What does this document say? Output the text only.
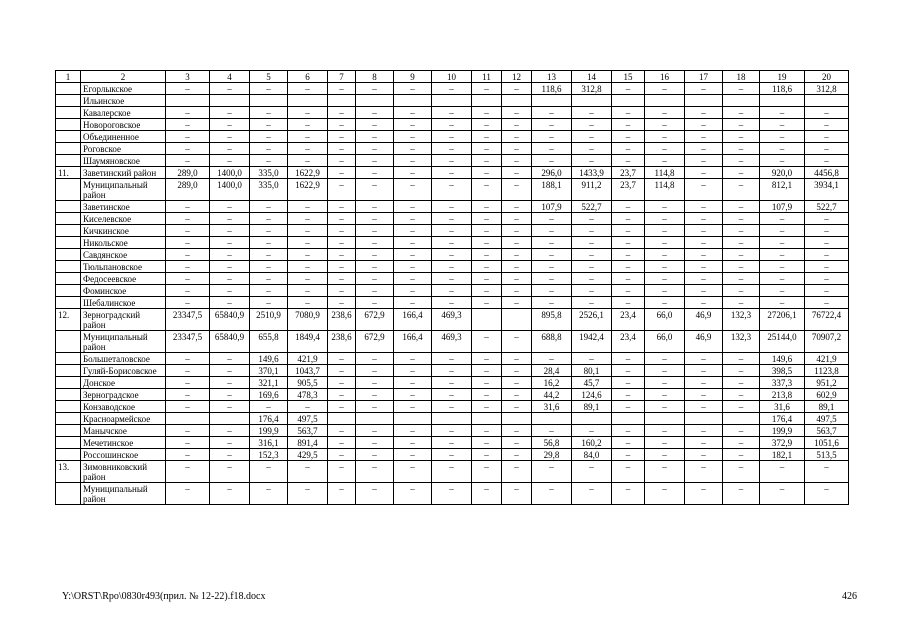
1	2	3	4	5	6	7	8	9	10	11	12	13	14	15	16	17	18	19	20
	Егорлыкское	–	–	–	–	–	–	–	–	–	–	118,6	312,8	–	–	–	–	118,6	312,8
	Ильинское																		
	Кавалерское	–	–	–	–	–	–	–	–	–	–	–	–	–	–	–	–	–	–
	Новороговское	–	–	–	–	–	–	–	–	–	–	–	–	–	–	–	–	–	–
	Объединенное	–	–	–	–	–	–	–	–	–	–	–	–	–	–	–	–	–	–
	Роговское	–	–	–	–	–	–	–	–	–	–	–	–	–	–	–	–	–	–
	Шаумяновское	–	–	–	–	–	–	–	–	–	–	–	–	–	–	–	–	–	–
11.	Заветинский район	289,0	1400,0	335,0	1622,9	–	–	–	–	–	–	296,0	1433,9	23,7	114,8	–	–	920,0	4456,8
	Муниципальный район	289,0	1400,0	335,0	1622,9	–	–	–	–	–	–	188,1	911,2	23,7	114,8	–	–	812,1	3934,1
	Заветинское	–	–	–	–	–	–	–	–	–	–	107,9	522,7	–	–	–	–	107,9	522,7
	Киселевское	–	–	–	–	–	–	–	–	–	–	–	–	–	–	–	–	–	–
	Кичкинское	–	–	–	–	–	–	–	–	–	–	–	–	–	–	–	–	–	–
	Никольское	–	–	–	–	–	–	–	–	–	–	–	–	–	–	–	–	–	–
	Савдянское	–	–	–	–	–	–	–	–	–	–	–	–	–	–	–	–	–	–
	Тюльпановское	–	–	–	–	–	–	–	–	–	–	–	–	–	–	–	–	–	–
	Федосеевское	–	–	–	–	–	–	–	–	–	–	–	–	–	–	–	–	–	–
	Фоминское	–	–	–	–	–	–	–	–	–	–	–	–	–	–	–	–	–	–
	Шебалинское	–	–	–	–	–	–	–	–	–	–	–	–	–	–	–	–	–	–
12.	Зерноградский район	23347,5	65840,9	2510,9	7080,9	238,6	672,9	166,4	469,3			895,8	2526,1	23,4	66,0	46,9	132,3	27206,1	76722,4
	Муниципальный район	23347,5	65840,9	655,8	1849,4	238,6	672,9	166,4	469,3	–	–	688,8	1942,4	23,4	66,0	46,9	132,3	25144,0	70907,2
	Большеталовское	–	–	149,6	421,9	–	–	–	–	–	–	–	–	–	–	–	–	149,6	421,9
	Гуляй-Борисовское	–	–	370,1	1043,7	–	–	–	–	–	–	28,4	80,1	–	–	–	–	398,5	1123,8
	Донское	–	–	321,1	905,5	–	–	–	–	–	–	16,2	45,7	–	–	–	–	337,3	951,2
	Зерноградское	–	–	169,6	478,3	–	–	–	–	–	–	44,2	124,6	–	–	–	–	213,8	602,9
	Конзаводское	–	–	–	–	–	–	–	–	–	–	31,6	89,1	–	–	–	–	31,6	89,1
	Красноармейское			176,4	497,5													176,4	497,5
	Манычское	–	–	199,9	563,7	–	–	–	–	–	–	–	–	–	–	–	–	199,9	563,7
	Мечетинское	–	–	316,1	891,4	–	–	–	–	–	–	56,8	160,2	–	–	–	–	372,9	1051,6
	Россошинское	–	–	152,3	429,5	–	–	–	–	–	–	29,8	84,0	–	–	–	–	182,1	513,5
13.	Зимовниковский район	–	–	–	–	–	–	–	–	–	–	–	–	–	–	–	–	–	–
	Муниципальный район	–	–	–	–	–	–	–	–	–	–	–	–	–	–	–	–	–	–
Y:\ORST\Rpo\0830r493(прил. № 12-22).f18.docx	426
